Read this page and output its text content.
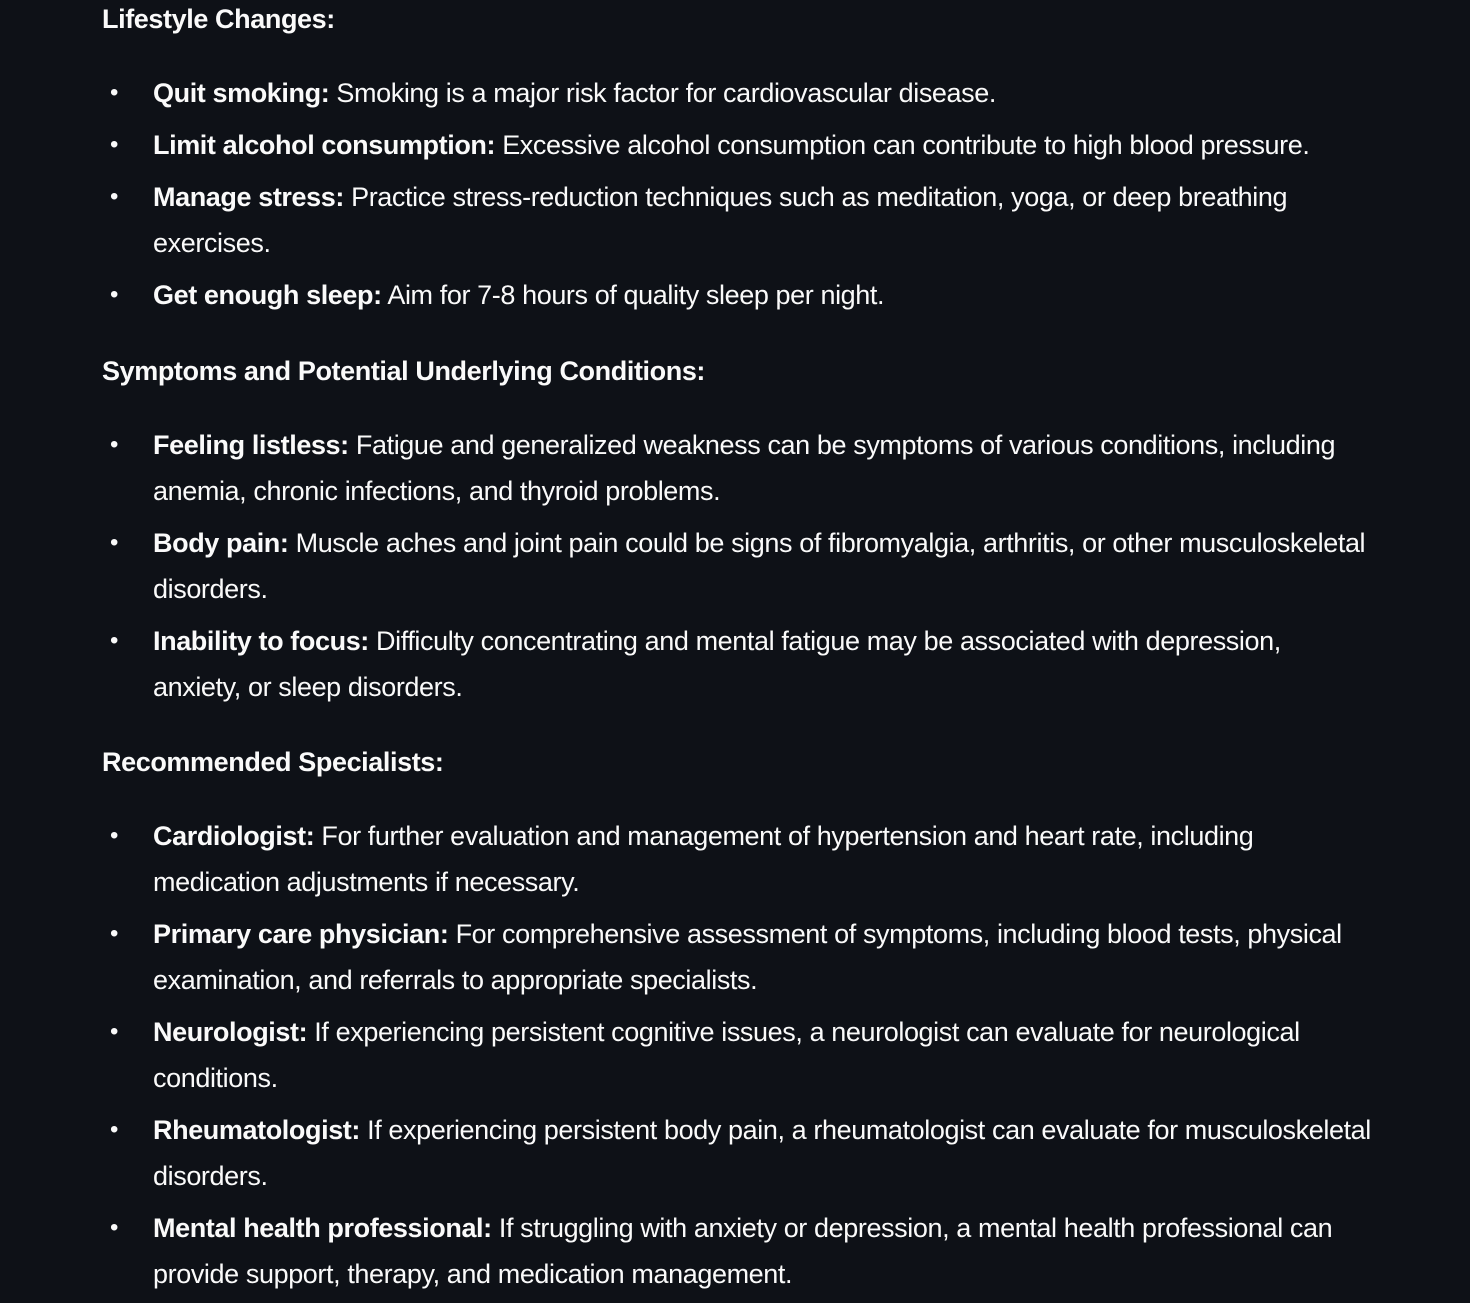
Lifestyle Changes:

• Quit smoking: Smoking is a major risk factor for cardiovascular disease.
• Limit alcohol consumption: Excessive alcohol consumption can contribute to high blood pressure.
• Manage stress: Practice stress-reduction techniques such as meditation, yoga, or deep breathing exercises.
• Get enough sleep: Aim for 7-8 hours of quality sleep per night.

Symptoms and Potential Underlying Conditions:

• Feeling listless: Fatigue and generalized weakness can be symptoms of various conditions, including anemia, chronic infections, and thyroid problems.
• Body pain: Muscle aches and joint pain could be signs of fibromyalgia, arthritis, or other musculoskeletal disorders.
• Inability to focus: Difficulty concentrating and mental fatigue may be associated with depression, anxiety, or sleep disorders.

Recommended Specialists:

• Cardiologist: For further evaluation and management of hypertension and heart rate, including medication adjustments if necessary.
• Primary care physician: For comprehensive assessment of symptoms, including blood tests, physical examination, and referrals to appropriate specialists.
• Neurologist: If experiencing persistent cognitive issues, a neurologist can evaluate for neurological conditions.
• Rheumatologist: If experiencing persistent body pain, a rheumatologist can evaluate for musculoskeletal disorders.
• Mental health professional: If struggling with anxiety or depression, a mental health professional can provide support, therapy, and medication management.
